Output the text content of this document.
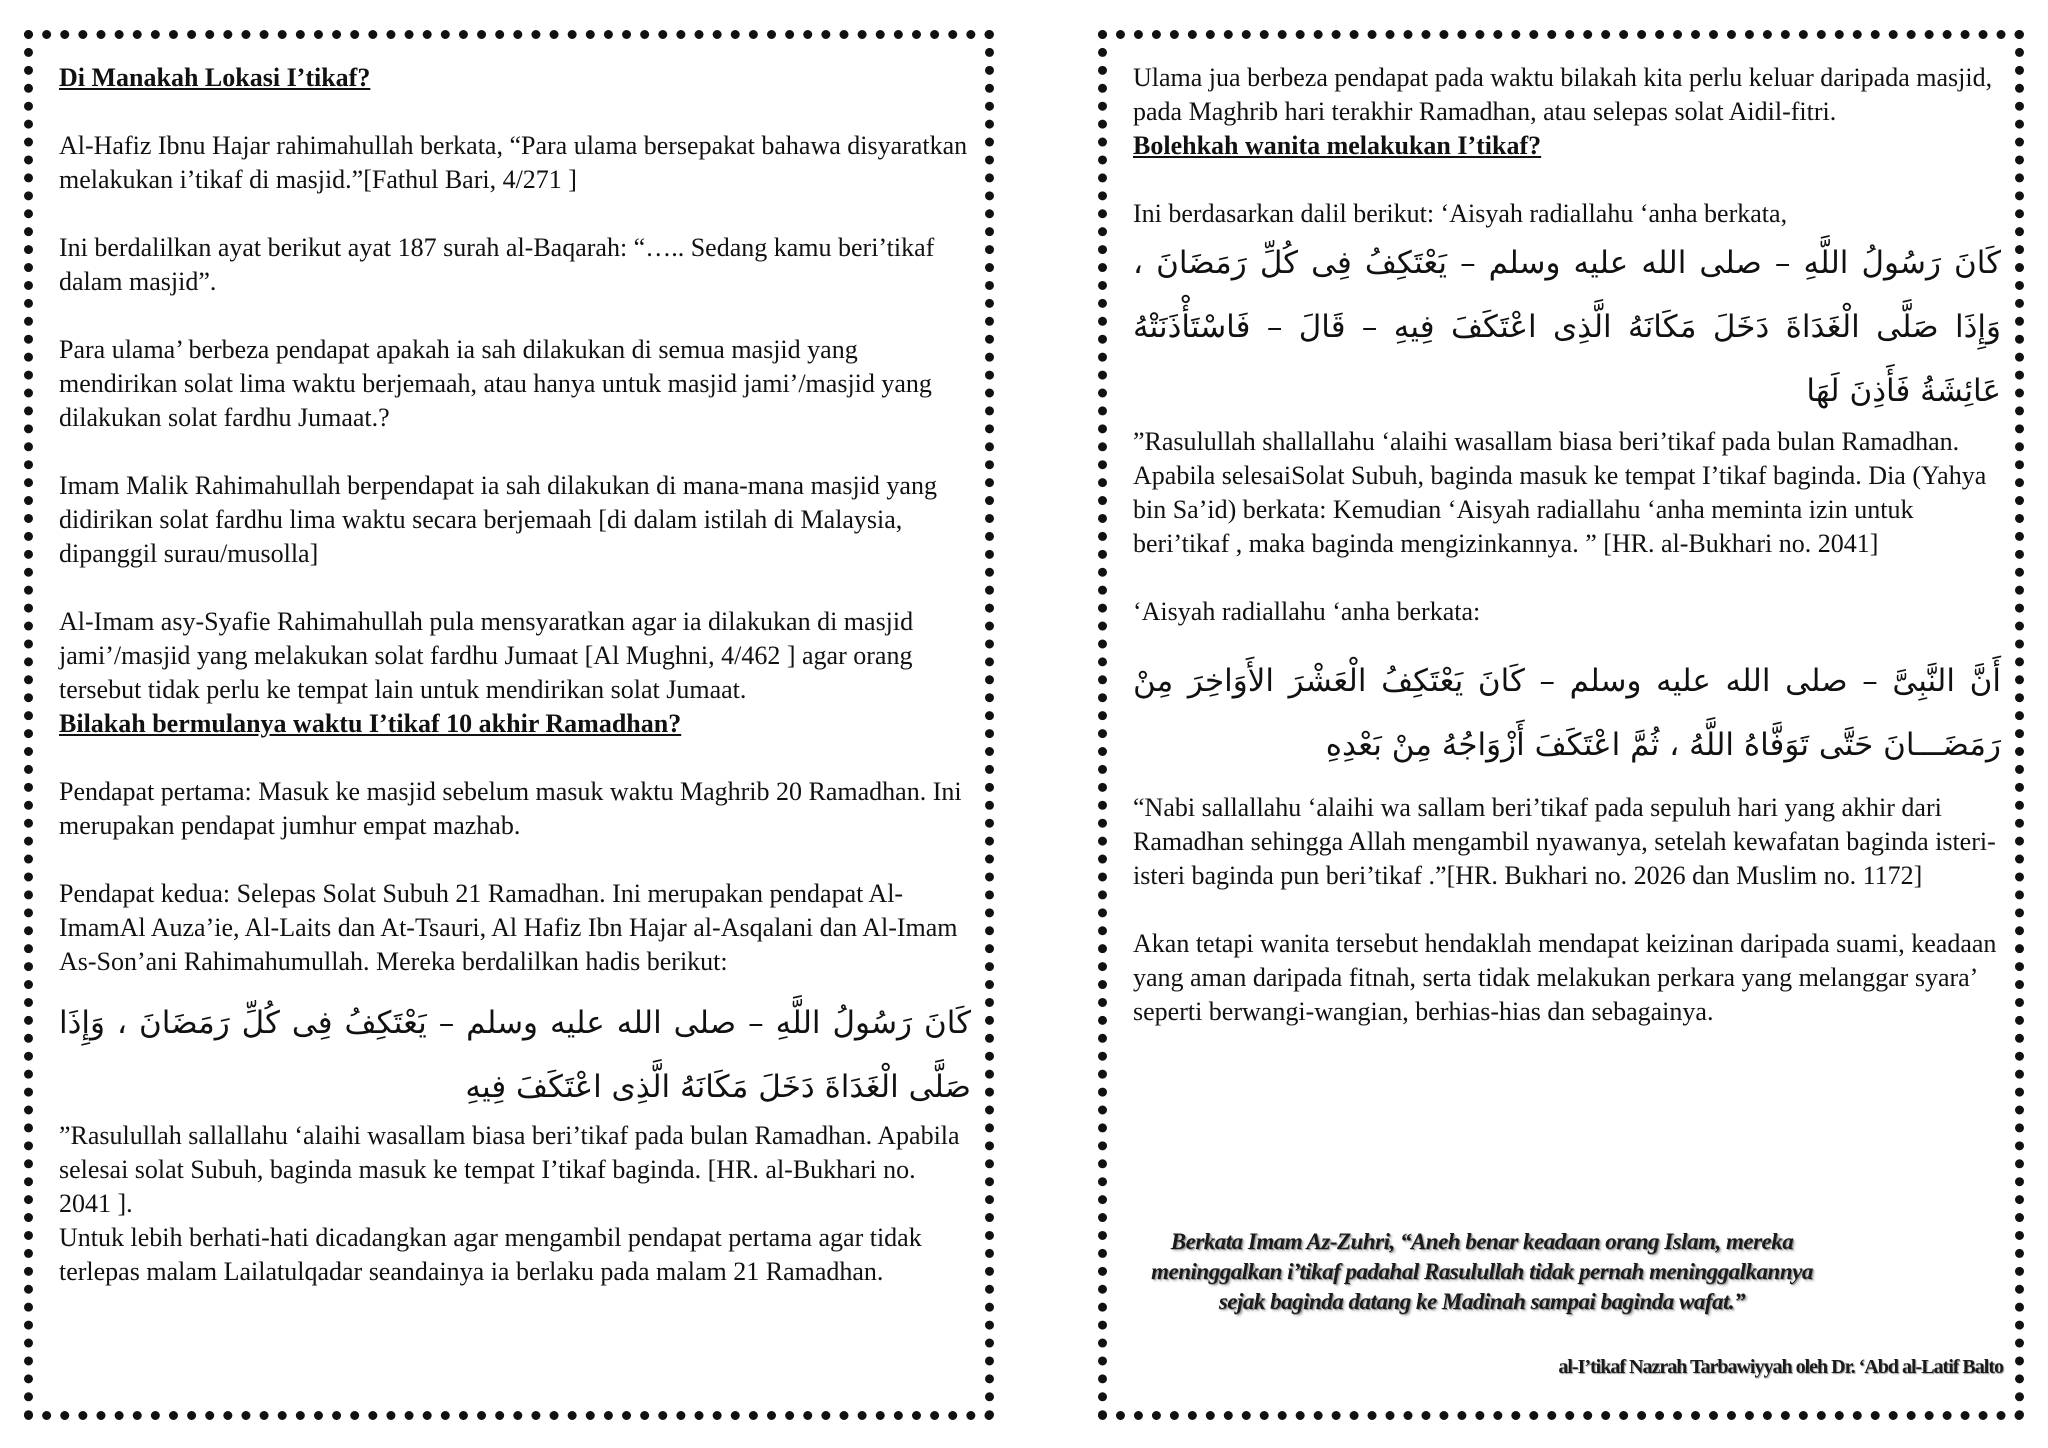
Di Manakah Lokasi I’tikaf?

Al-Hafiz Ibnu Hajar rahimahullah berkata, “Para ulama bersepakat bahawa disyaratkan melakukan i’tikaf di masjid.”[Fathul Bari, 4/271 ]

Ini berdalilkan ayat berikut ayat 187 surah al-Baqarah: “….. Sedang kamu beri’tikaf dalam masjid”.

Para ulama’ berbeza pendapat apakah ia sah dilakukan di semua masjid yang mendirikan solat lima waktu berjemaah, atau hanya untuk masjid jami’/masjid yang dilakukan solat fardhu Jumaat.?

Imam Malik Rahimahullah berpendapat ia sah dilakukan di mana-mana masjid yang didirikan solat fardhu lima waktu secara berjemaah [di dalam istilah di Malaysia, dipanggil surau/musolla]

Al-Imam asy-Syafie Rahimahullah pula mensyaratkan agar ia dilakukan di masjid jami’/masjid yang melakukan solat fardhu Jumaat [Al Mughni, 4/462 ] agar orang tersebut tidak perlu ke tempat lain untuk mendirikan solat Jumaat.

Bilakah bermulanya waktu I’tikaf 10 akhir Ramadhan?

Pendapat pertama: Masuk ke masjid sebelum masuk waktu Maghrib 20 Ramadhan. Ini merupakan pendapat jumhur empat mazhab.

Pendapat kedua: Selepas Solat Subuh 21 Ramadhan. Ini merupakan pendapat Al-ImamAl Auza’ie, Al-Laits dan At-Tsauri, Al Hafiz Ibn Hajar al-Asqalani dan Al-Imam As-Son’ani Rahimahumullah. Mereka berdalilkan hadis berikut:

كَانَ رَسُولُ اللَّهِ – صلى الله عليه وسلم – يَعْتَكِفُ فِى كُلِّ رَمَضَانَ ، وَإِذَا صَلَّى الْغَدَاةَ دَخَلَ مَكَانَهُ الَّذِى اعْتَكَفَ فِيهِ

”Rasulullah sallallahu ‘alaihi wasallam biasa beri’tikaf pada bulan Ramadhan. Apabila selesai solat Subuh, baginda masuk ke tempat I’tikaf baginda. [HR. al-Bukhari no. 2041 ].

Untuk lebih berhati-hati dicadangkan agar mengambil pendapat pertama agar tidak terlepas malam Lailatulqadar seandainya ia berlaku pada malam 21 Ramadhan.

Ulama jua berbeza pendapat pada waktu bilakah kita perlu keluar daripada masjid, pada Maghrib hari terakhir Ramadhan, atau selepas solat Aidil-fitri.

Bolehkah wanita melakukan I’tikaf?

Ini berdasarkan dalil berikut: ‘Aisyah radiallahu ‘anha berkata,

كَانَ رَسُولُ اللَّهِ – صلى الله عليه وسلم – يَعْتَكِفُ فِى كُلِّ رَمَضَانَ ، وَإِذَا صَلَّى الْغَدَاةَ دَخَلَ مَكَانَهُ الَّذِى اعْتَكَفَ فِيهِ – قَالَ – فَاسْتَأْذَنَتْهُ عَائِشَةُ فَأَذِنَ لَهَا

”Rasulullah shallallahu ‘alaihi wasallam biasa beri’tikaf pada bulan Ramadhan. Apabila selesaiSolat Subuh, baginda masuk ke tempat I’tikaf baginda. Dia (Yahya bin Sa’id) berkata: Kemudian ‘Aisyah radiallahu ‘anha meminta izin untuk beri’tikaf , maka baginda mengizinkannya. ” [HR. al-Bukhari no. 2041]

‘Aisyah radiallahu ‘anha berkata:

أَنَّ النَّبِىَّ – صلى الله عليه وسلم – كَانَ يَعْتَكِفُ الْعَشْرَ الأَوَاخِرَ مِنْ رَمَضَـــانَ حَتَّى تَوَفَّاهُ اللَّهُ ، ثُمَّ اعْتَكَفَ أَزْوَاجُهُ مِنْ بَعْدِهِ

“Nabi sallallahu ‘alaihi wa sallam beri’tikaf pada sepuluh hari yang akhir dari Ramadhan sehingga Allah mengambil nyawanya, setelah kewafatan baginda isteri-isteri baginda pun beri’tikaf .”[HR. Bukhari no. 2026 dan Muslim no. 1172]

Akan tetapi wanita tersebut hendaklah mendapat keizinan daripada suami, keadaan yang aman daripada fitnah, serta tidak melakukan perkara yang melanggar syara’ seperti berwangi-wangian, berhias-hias dan sebagainya.

Berkata Imam Az-Zuhri, “Aneh benar keadaan orang Islam, mereka meninggalkan i’tikaf padahal Rasulullah tidak pernah meninggalkannya sejak baginda datang ke Madinah sampai baginda wafat.”
al-I’tikaf Nazrah Tarbawiyyah oleh Dr. ‘Abd al-Latif Balto
